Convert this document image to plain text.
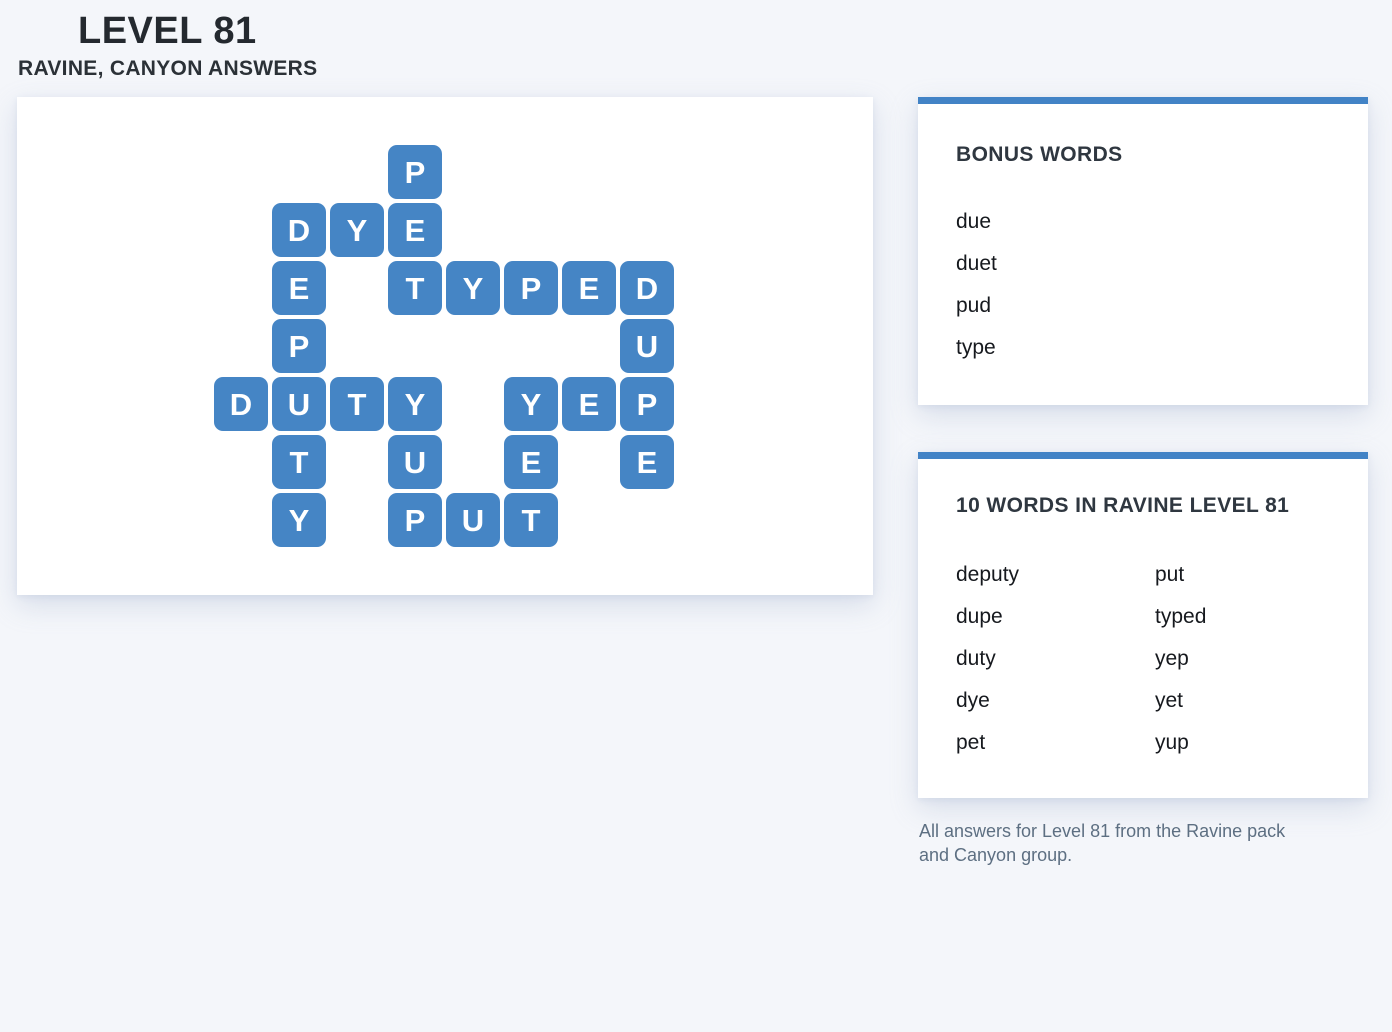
LEVEL 81
RAVINE, CANYON ANSWERS
P
D	Y	E
E	T	Y	P	E	D
P	U
D	U	T	Y	Y	E	P
T	U	E	E
Y	P	U	T
BONUS WORDS
due
duet
pud
type
10 WORDS IN RAVINE LEVEL 81
deputy
dupe
duty
dye
pet
put
typed
yep
yet
yup

All answers for Level 81 from the Ravine pack and Canyon group.
